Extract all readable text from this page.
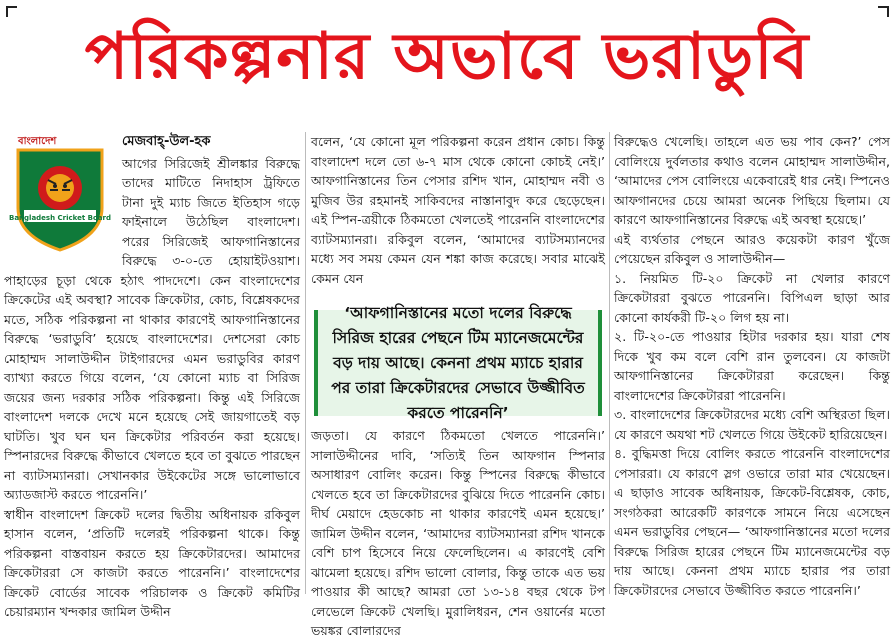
পরিকল্পনার অভাবে ভরাডুবি
বাংলাদেশ
Bangladesh Cricket Board
মেজবাহ্-উল-হক

আগের সিরিজেই শ্রীলঙ্কার বিরুদ্ধে তাদের মাটিতে নিদাহাস ট্রফিতে টানা দুই ম্যাচ জিতে ইতিহাস গড়ে ফাইনালে উঠেছিল বাংলাদেশ। পরের সিরিজেই আফগানিস্তানের বিরুদ্ধে ৩-০-তে হোয়াইটওয়াশ। পাহাড়ের চূড়া থেকে হঠাৎ পাদদেশে। কেন বাংলাদেশের ক্রিকেটের এই অবস্থা? সাবেক ক্রিকেটার, কোচ, বিশ্লেষকদের মতে, সঠিক পরিকল্পনা না থাকার কারণেই আফগানিস্তানের বিরুদ্ধে ‘ভরাডুবি’ হয়েছে বাংলাদেশের। দেশসেরা কোচ মোহাম্মদ সালাউদ্দীন টাইগারদের এমন ভরাডুবির কারণ ব্যাখ্যা করতে গিয়ে বলেন, ‘যে কোনো ম্যাচ বা সিরিজ জয়ের জন্য দরকার সঠিক পরিকল্পনা। কিন্তু এই সিরিজে বাংলাদেশ দলকে দেখে মনে হয়েছে সেই জায়গাতেই বড় ঘাটতি। খুব ঘন ঘন ক্রিকেটার পরিবর্তন করা হয়েছে। স্পিনারদের বিরুদ্ধে কীভাবে খেলতে হবে তা বুঝতে পারছেন না ব্যাটসম্যানরা। সেখানকার উইকেটের সঙ্গে ভালোভাবে অ্যাডজাস্ট করতে পারেননি।’

স্বাধীন বাংলাদেশ ক্রিকেট দলের দ্বিতীয় অধিনায়ক রকিবুল হাসান বলেন, ‘প্রতিটি দলেরই পরিকল্পনা থাকে। কিন্তু পরিকল্পনা বাস্তবায়ন করতে হয় ক্রিকেটারদের। আমাদের ক্রিকেটাররা সে কাজটা করতে পারেননি।’ বাংলাদেশের ক্রিকেট বোর্ডের সাবেক পরিচালক ও ক্রিকেট কমিটির চেয়ারম্যান খন্দকার জামিল উদ্দীন

বলেন, ‘যে কোনো মূল পরিকল্পনা করেন প্রধান কোচ। কিন্তু বাংলাদেশ দলে তো ৬-৭ মাস থেকে কোনো কোচই নেই।’ আফগানিস্তানের তিন পেসার রশিদ খান, মোহাম্মদ নবী ও মুজিব উর রহমানই সাকিবদের নাস্তানাবুদ করে ছেড়েছেন। এই স্পিন-ত্রয়ীকে ঠিকমতো খেলতেই পারেননি বাংলাদেশের ব্যাটসম্যানরা। রকিবুল বলেন, ‘আমাদের ব্যাটসম্যানদের মধ্যে সব সময় কেমন যেন শঙ্কা কাজ করেছে। সবার মাঝেই কেমন যেন

‘আফগানিস্তানের মতো দলের বিরুদ্ধে সিরিজ হারের পেছনে টিম ম্যানেজমেন্টের বড় দায় আছে। কেননা প্রথম ম্যাচে হারার পর তারা ক্রিকেটারদের সেভাবে উজ্জীবিত করতে পারেননি’

জড়তা। যে কারণে ঠিকমতো খেলতে পারেননি।’ সালাউদ্দীনের দাবি, ‘সত্যিই তিন আফগান স্পিনার অসাধারণ বোলিং করেন। কিন্তু স্পিনের বিরুদ্ধে কীভাবে খেলতে হবে তা ক্রিকেটারদের বুঝিয়ে দিতে পারেননি কোচ। দীর্ঘ মেয়াদে হেডকোচ না থাকার কারণেই এমন হয়েছে।’ জামিল উদ্দীন বলেন, ‘আমাদের ব্যাটসম্যানরা রশিদ খানকে বেশি চাপ হিসেবে নিয়ে ফেলেছিলেন। এ কারণেই বেশি ঝামেলা হয়েছে। রশিদ ভালো বোলার, কিন্তু তাকে এত ভয় পাওয়ার কী আছে? আমরা তো ১৩-১৪ বছর থেকে টপ লেভেলে ক্রিকেট খেলছি। মুরালিধরন, শেন ওয়ার্নের মতো ভয়ঙ্কর বোলারদের

বিরুদ্ধেও খেলেছি। তাহলে এত ভয় পাব কেন?’ পেস বোলিংয়ে দুর্বলতার কথাও বলেন মোহাম্মদ সালাউদ্দীন, ‘আমাদের পেস বোলিংয়ে একেবারেই ধার নেই। স্পিনেও আফগানদের চেয়ে আমরা অনেক পিছিয়ে ছিলাম। যে কারণে আফগানিস্তানের বিরুদ্ধে এই অবস্থা হয়েছে।’

এই ব্যর্থতার পেছনে আরও কয়েকটা কারণ খুঁজে পেয়েছেন রকিবুল ও সালাউদ্দীন—

১. নিয়মিত টি-২০ ক্রিকেট না খেলার কারণে ক্রিকেটাররা বুঝতে পারেননি। বিপিএল ছাড়া আর কোনো কার্যকরী টি-২০ লিগ হয় না।

২. টি-২০-তে পাওয়ার হিটার দরকার হয়। যারা শেষ দিকে খুব কম বলে বেশি রান তুলবেন। যে কাজটা আফগানিস্তানের ক্রিকেটাররা করেছেন। কিন্তু বাংলাদেশের ক্রিকেটাররা পারেননি।

৩. বাংলাদেশের ক্রিকেটারদের মধ্যে বেশি অস্থিরতা ছিল। যে কারণে অযথা শট খেলতে গিয়ে উইকেট হারিয়েছেন।

৪. বুদ্ধিমত্তা দিয়ে বোলিং করতে পারেননি বাংলাদেশের পেসাররা। যে কারণে স্লগ ওভারে তারা মার খেয়েছেন। এ ছাড়াও সাবেক অধিনায়ক, ক্রিকেট-বিশ্লেষক, কোচ, সংগঠকরা আরেকটি কারণকে সামনে নিয়ে এসেছেন এমন ভরাডুবির পেছনে— ‘আফগানিস্তানের মতো দলের বিরুদ্ধে সিরিজ হারের পেছনে টিম ম্যানেজমেন্টের বড় দায় আছে। কেননা প্রথম ম্যাচে হারার পর তারা ক্রিকেটারদের সেভাবে উজ্জীবিত করতে পারেননি।’
